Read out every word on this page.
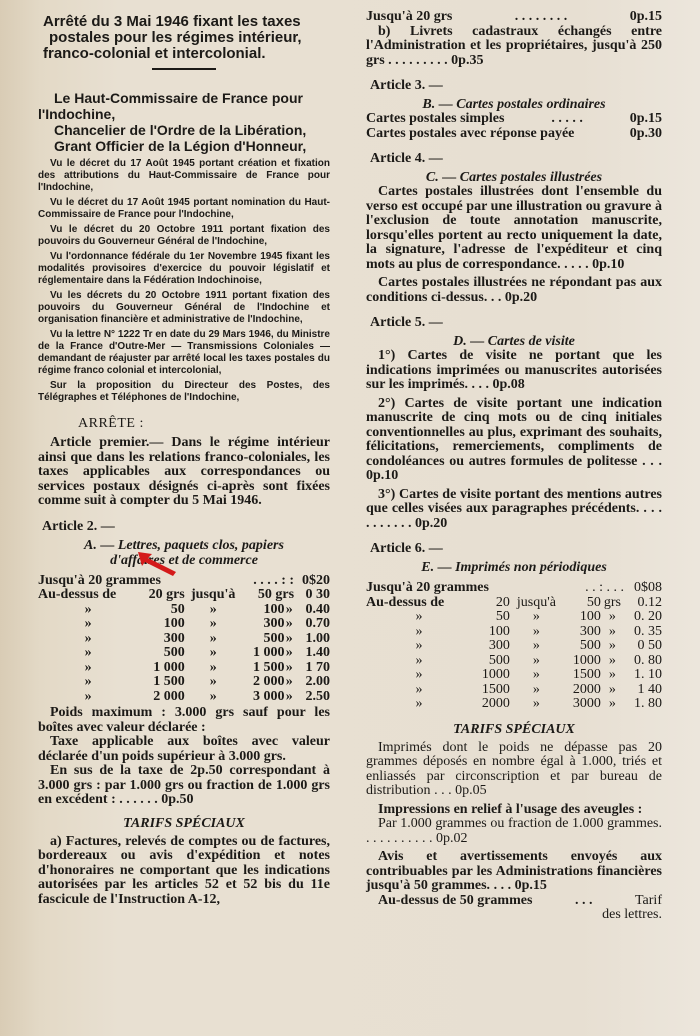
Arrêté du 3 Mai 1946 fixant les taxes
postales pour les régimes intérieur,
franco-colonial et intercolonial.
Le Haut-Commissaire de France pour
l'Indochine,
Chancelier de l'Ordre de la Libération,
Grant Officier de la Légion d'Honneur,
Vu le décret du 17 Août 1945 portant création et fixation des attributions du Haut-Commissaire de France pour l'Indochine,
Vu le décret du 17 Août 1945 portant nomination du Haut-Commissaire de France pour l'Indochine,
Vu le décret du 20 Octobre 1911 portant fixation des pouvoirs du Gouverneur Général de l'Indochine,
Vu l'ordonnance fédérale du 1er Novembre 1945 fixant les modalités provisoires d'exercice du pouvoir législatif et réglementaire dans la Fédération Indochinoise,
Vu les décrets du 20 Octobre 1911 portant fixation des pouvoirs du Gouverneur Général de l'Indochine et organisation financière et administrative de l'Indochine,
Vu la lettre N° 1222 Tr en date du 29 Mars 1946, du Ministre de la France d'Outre-Mer — Transmissions Coloniales — demandant de réajuster par arrêté local les taxes postales du régime franco colonial et intercolonial,
Sur la proposition du Directeur des Postes, des Télégraphes et Téléphones de l'Indochine,
ARRÊTE :
Article premier.— Dans le régime intérieur ainsi que dans les relations franco-coloniales, les taxes applicables aux correspondances ou services postaux désignés ci-après sont fixées comme suit à compter du 5 Mai 1946.
Article 2. —
A. — Lettres, paquets clos, papiers
d'affaires et de commerce
Jusqu'à 20 grammes			. . . . : :		0$20
Au-dessus de	20 grs	jusqu'à	50 grs		0 30
»	50	»	100	»	0.40
»	100	»	300	»	0.70
»	300	»	500	»	1.00
»	500	»	1 000	»	1.40
»	1 000	»	1 500	»	1 70
»	1 500	»	2 000	»	2.00
»	2 000	»	3 000	»	2.50
Poids maximum : 3.000 grs sauf pour les boîtes avec valeur déclarée :
Taxe applicable aux boîtes avec valeur déclarée d'un poids supérieur à 3.000 grs.
En sus de la taxe de 2p.50 correspondant à 3.000 grs : par 1.000 grs ou fraction de 1.000 grs en excédent : . . . . . . 0p.50
TARIFS SPÉCIAUX
a) Factures, relevés de comptes ou de factures, bordereaux ou avis d'expédition et notes d'honoraires ne comportant que les indications autorisées par les articles 52 et 52 bis du 11e fascicule de l'Instruction A-12,
Jusqu'à 20 grs	. . . . . . . .	0p.15
b) Livrets cadastraux échangés entre l'Administration et les propriétaires, jusqu'à 250 grs . . . . . . . . . 0p.35
Article 3. —
B. — Cartes postales ordinaires
Cartes postales simples	. . . . .	0p.15
Cartes postales avec réponse payée	0p.30
Article 4. —
C. — Cartes postales illustrées
Cartes postales illustrées dont l'ensemble du verso est occupé par une illustration ou gravure à l'exclusion de toute annotation manuscrite, lorsqu'elles portent au recto uniquement la date, la signature, l'adresse de l'expéditeur et cinq mots au plus de correspondance. . . . . 0p.10
Cartes postales illustrées ne répondant pas aux conditions ci-dessus. . . 0p.20
Article 5. —
D. — Cartes de visite
1°) Cartes de visite ne portant que les indications imprimées ou manuscrites autorisées sur les imprimés. . . . 0p.08
2°) Cartes de visite portant une indication manuscrite de cinq mots ou de cinq initiales conventionnelles au plus, exprimant des souhaits, félicitations, remerciements, compliments de condoléances ou autres formules de politesse . . . 0p.10
3°) Cartes de visite portant des mentions autres que celles visées aux paragraphes précédents. . . . . . . . . . . 0p.20
Article 6. —
E. — Imprimés non périodiques
Jusqu'à 20 grammes			. . : . . .		0$08
Au-dessus de	20	jusqu'à	50	grs	0.12
»	50	»	100	»	0. 20
»	100	»	300	»	0. 35
»	300	»	500	»	0 50
»	500	»	1000	»	0. 80
»	1000	»	1500	»	1. 10
»	1500	»	2000	»	1 40
»	2000	»	3000	»	1. 80
TARIFS SPÉCIAUX
Imprimés dont le poids ne dépasse pas 20 grammes déposés en nombre égal à 1.000, triés et enliassés par circonscription et par bureau de distribution . . . 0p.05
Impressions en relief à l'usage des aveugles :
Par 1.000 grammes ou fraction de 1.000 grammes. . . . . . . . . . . 0p.02
Avis et avertissements envoyés aux contribuables par les Administrations financières jusqu'à 50 grammes. . . . 0p.15
Au-dessus de 50 grammes	. . .	Tarif
des lettres.
